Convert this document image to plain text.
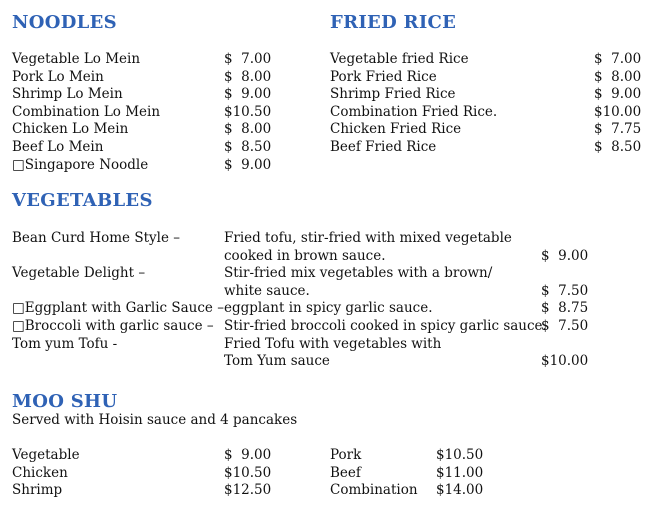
NOODLES
Vegetable Lo Mein
Pork Lo Mein
Shrimp Lo Mein
Combination Lo Mein
Chicken Lo Mein
Beef Lo Mein
□Singapore Noodle
$  7.00
$  8.00
$  9.00
$10.50
$  8.00
$  8.50
$  9.00
FRIED RICE
Vegetable fried Rice
Pork Fried Rice
Shrimp Fried Rice
Combination Fried Rice.
Chicken Fried Rice
Beef Fried Rice
$  7.00
$  8.00
$  9.00
$10.00
$  7.75
$  8.50
VEGETABLES
Bean Curd Home Style –
Vegetable Delight –
□Eggplant with Garlic Sauce –
□Broccoli with garlic sauce –
Tom yum Tofu -
Fried tofu, stir-fried with mixed vegetable
cooked in brown sauce.
Stir-fried mix vegetables with a brown/
white sauce.
eggplant in spicy garlic sauce.
Stir-fried broccoli cooked in spicy garlic sauce.
Fried Tofu with vegetables with
Tom Yum sauce
$  9.00
$  7.50
$  8.75
$  7.50
$10.00
MOO SHU
Served with Hoisin sauce and 4 pancakes
Vegetable
Chicken
Shrimp
$  9.00
$10.50
$12.50
Pork
Beef
Combination
$10.50
$11.00
$14.00
